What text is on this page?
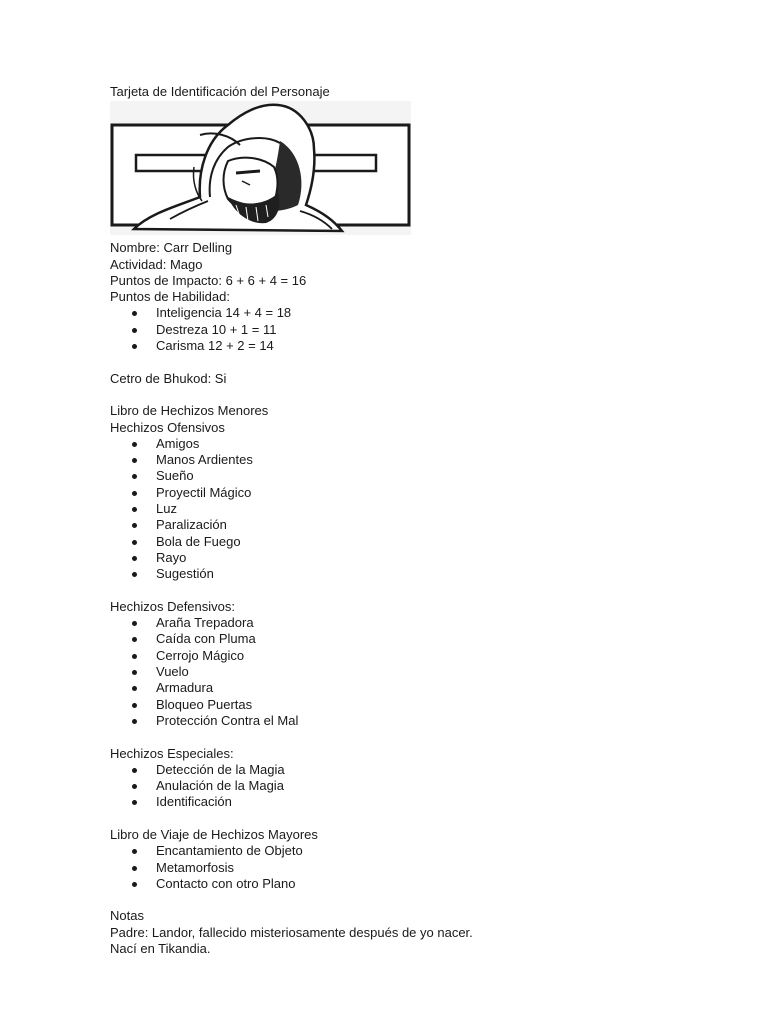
Tarjeta de Identificación del Personaje
Nombre: Carr Delling
Actividad: Mago
Puntos de Impacto: 6 + 6 + 4 = 16
Puntos de Habilidad:
Inteligencia 14 + 4 = 18
Destreza 10 + 1 = 11
Carisma 12 + 2 = 14
Cetro de Bhukod: Si
Libro de Hechizos Menores
Hechizos Ofensivos
Amigos
Manos Ardientes
Sueño
Proyectil Mágico
Luz
Paralización
Bola de Fuego
Rayo
Sugestión
Hechizos Defensivos:
Araña Trepadora
Caída con Pluma
Cerrojo Mágico
Vuelo
Armadura
Bloqueo Puertas
Protección Contra el Mal
Hechizos Especiales:
Detección de la Magia
Anulación de la Magia
Identificación
Libro de Viaje de Hechizos Mayores
Encantamiento de Objeto
Metamorfosis
Contacto con otro Plano
Notas
Padre: Landor, fallecido misteriosamente después de yo nacer.
Nací en Tikandia.
